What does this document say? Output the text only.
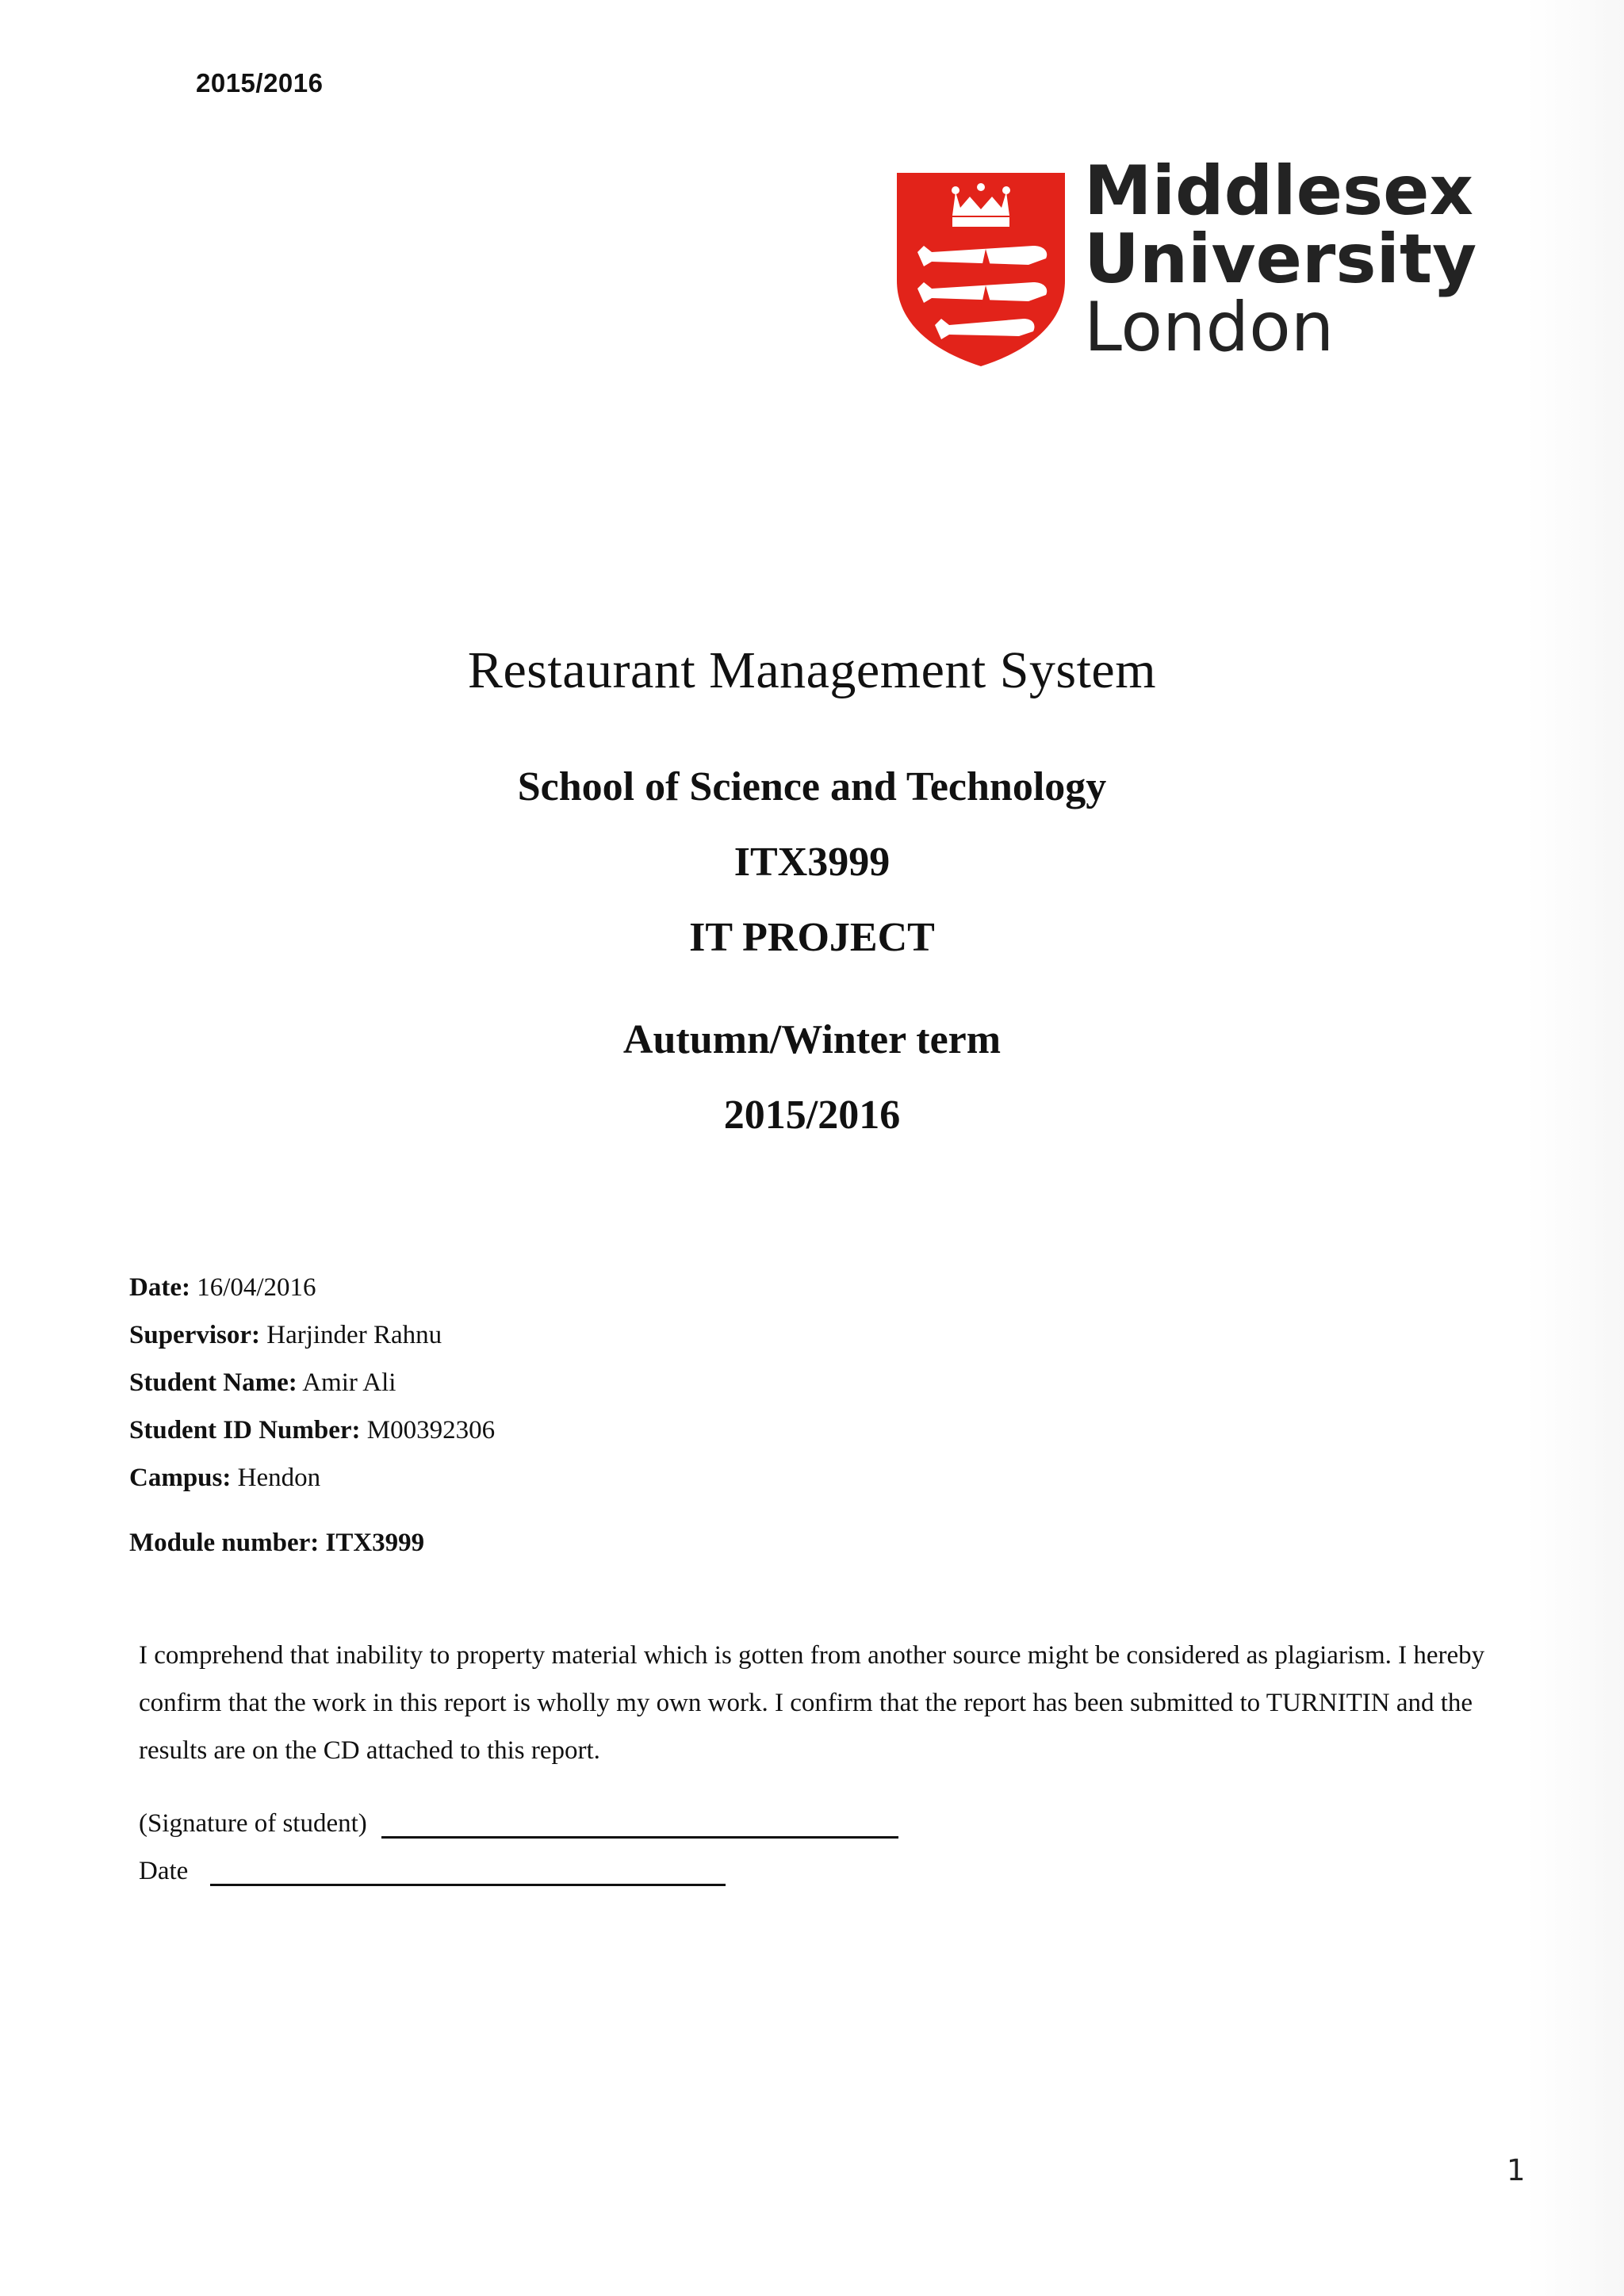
2015/2016
Middlesex
University
London
Restaurant Management System
School of Science and Technology
ITX3999
IT PROJECT
Autumn/Winter term
2015/2016
Date: 16/04/2016
Supervisor: Harjinder Rahnu
Student Name: Amir Ali
Student ID Number: M00392306
Campus: Hendon
Module number: ITX3999
I comprehend that inability to property material which is gotten from another source might be considered as plagiarism. I hereby confirm that the work in this report is wholly my own work. I confirm that the report has been submitted to TURNITIN and the results are on the CD attached to this report.
(Signature of student)
Date
1
